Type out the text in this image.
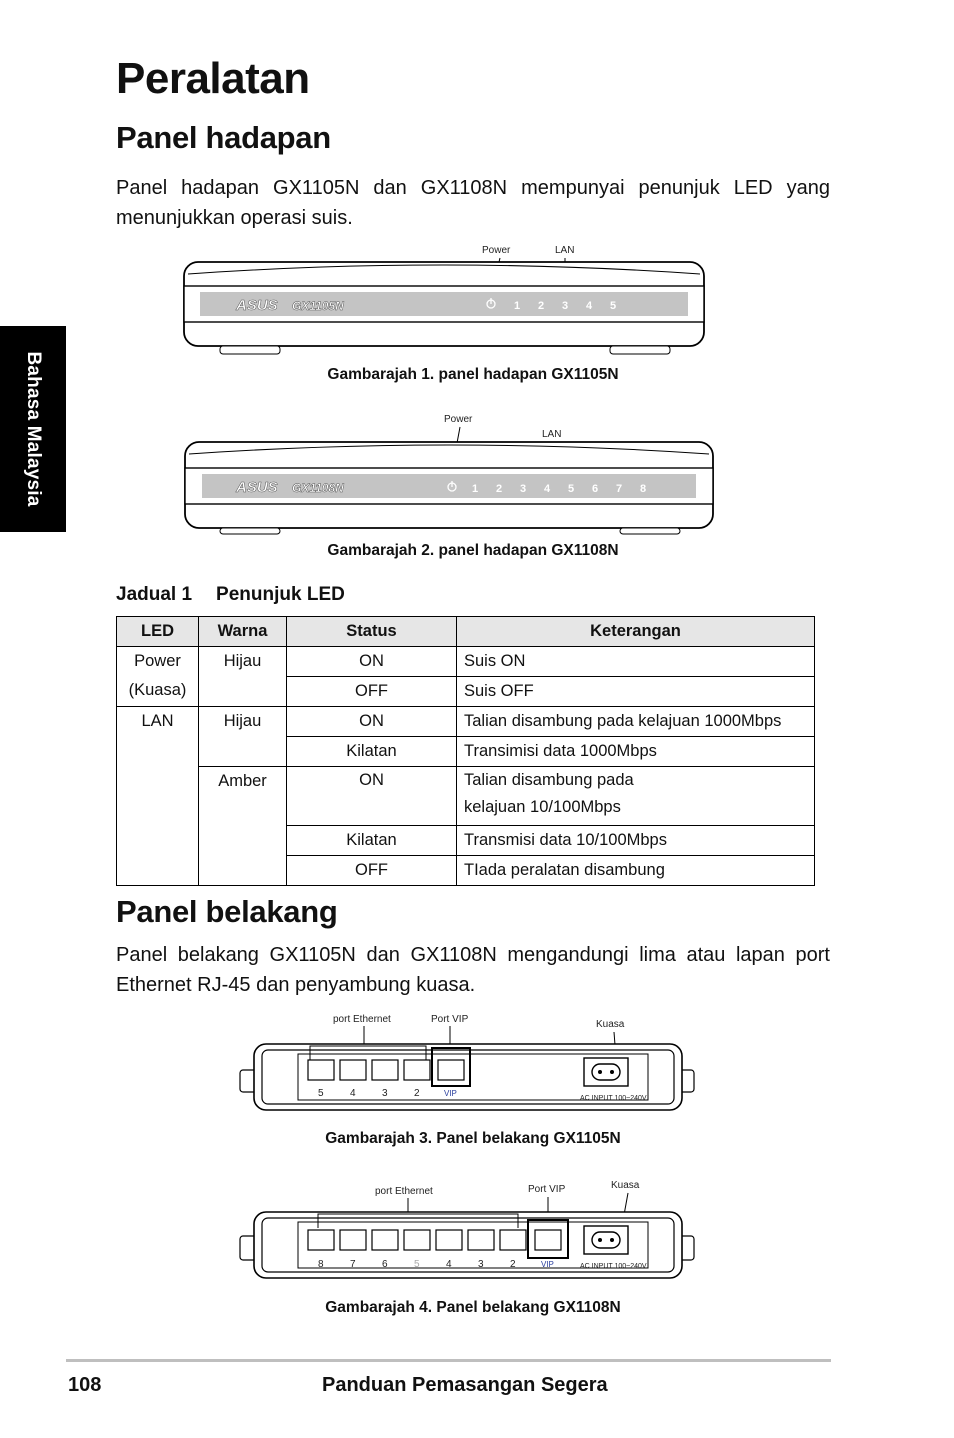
Bahasa Malaysia
Peralatan
Panel hadapan

Panel hadapan GX1105N dan GX1108N mempunyai penunjuk LED yang menunjukkan operasi suis.

Power	LAN
ASUS GX1105N	1 2 3 4 5
Gambarajah 1. panel hadapan GX1105N
Power
LAN
ASUS GX1108N	1 2 3 4 5 6 7 8
Gambarajah 2. panel hadapan GX1108N
Jadual 1 Penunjuk LED
LED	Warna	Status	Keterangan

Power
(Kuasa)	Hijau	ON	Suis ON
		OFF	Suis OFF
LAN	Hijau	ON	Talian disambung pada kelajuan 1000Mbps
		Kilatan	Transimisi data 1000Mbps
	Amber	ON	Talian disambung pada
kelajuan 10/100Mbps

		Kilatan	Transmisi data 10/100Mbps
		OFF	TIada peralatan disambung
Panel belakang

Panel belakang GX1105N dan GX1108N mengandungi lima atau lapan port Ethernet RJ-45 dan penyambung kuasa.

port Ethernet	Port VIP	Kuasa
5	4	3	2	VIP
AC INPUT 100~240V
Gambarajah 3. Panel belakang GX1105N
port Ethernet	Port VIP	Kuasa
8	7	6	5	4	3	2	VIP	AC INPUT 100~240V
Gambarajah 4. Panel belakang GX1108N
108	Panduan Pemasangan Segera
